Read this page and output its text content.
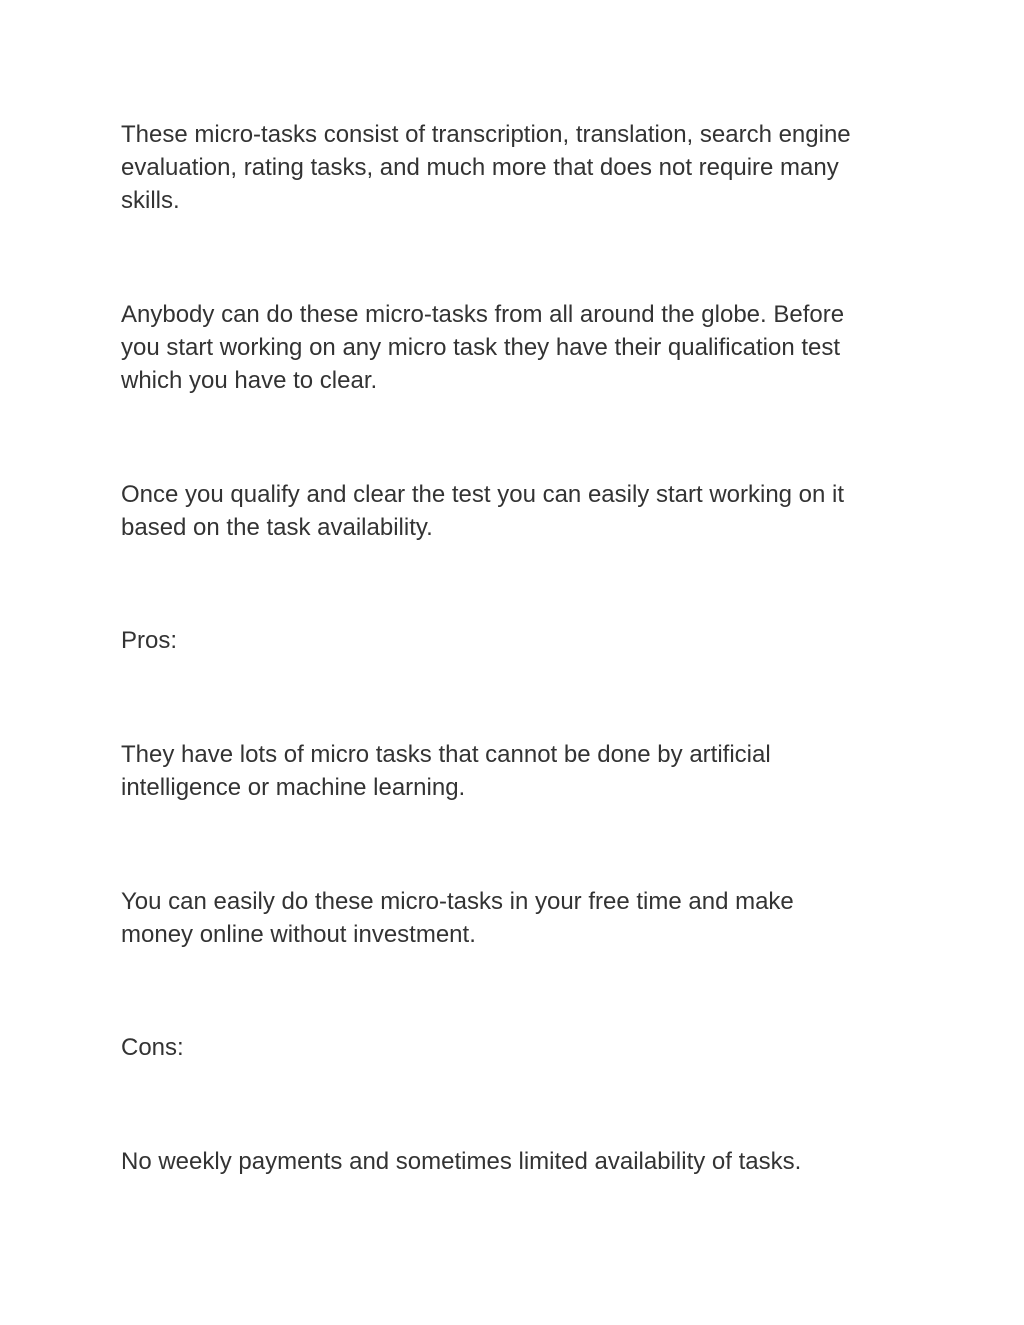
These micro-tasks consist of transcription, translation, search engine
evaluation, rating tasks, and much more that does not require many
skills.

Anybody can do these micro-tasks from all around the globe. Before
you start working on any micro task they have their qualification test
which you have to clear.

Once you qualify and clear the test you can easily start working on it
based on the task availability.

Pros:

They have lots of micro tasks that cannot be done by artificial
intelligence or machine learning.

You can easily do these micro-tasks in your free time and make
money online without investment.

Cons:

No weekly payments and sometimes limited availability of tasks.
